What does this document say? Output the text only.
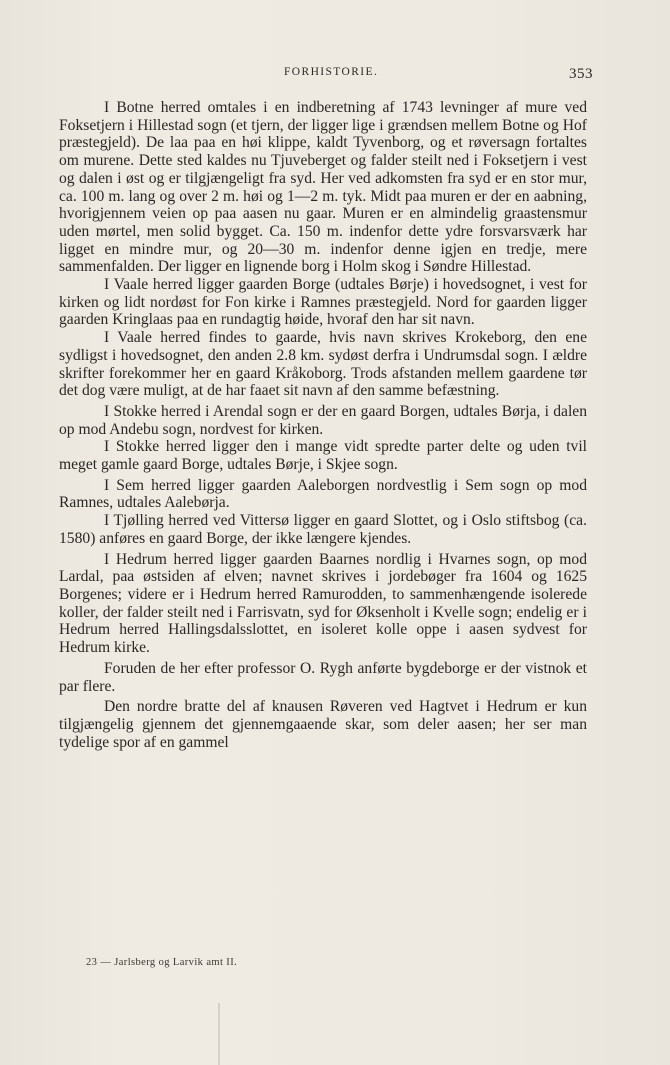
FORHISTORIE.	353

I Botne herred omtales i en indberetning af 1743 levninger af mure ved Foksetjern i Hillestad sogn (et tjern, der ligger lige i grændsen mellem Botne og Hof præstegjeld). De laa paa en høi klippe, kaldt Tyvenborg, og et røversagn fortaltes om murene. Dette sted kaldes nu Tjuveberget og falder steilt ned i Foksetjern i vest og dalen i øst og er tilgjængeligt fra syd. Her ved adkomsten fra syd er en stor mur, ca. 100 m. lang og over 2 m. høi og 1—2 m. tyk. Midt paa muren er der en aabning, hvorigjennem veien op paa aasen nu gaar. Muren er en almindelig graastensmur uden mørtel, men solid bygget. Ca. 150 m. indenfor dette ydre forsvarsværk har ligget en mindre mur, og 20—30 m. indenfor denne igjen en tredje, mere sammenfalden. Der ligger en lignende borg i Holm skog i Søndre Hillestad.

I Vaale herred ligger gaarden Borge (udtales Børje) i hovedsognet, i vest for kirken og lidt nordøst for Fon kirke i Ramnes præstegjeld. Nord for gaarden ligger gaarden Kringlaas paa en rundagtig høide, hvoraf den har sit navn.

I Vaale herred findes to gaarde, hvis navn skrives Krokeborg, den ene sydligst i hovedsognet, den anden 2.8 km. sydøst derfra i Undrumsdal sogn. I ældre skrifter forekommer her en gaard Kråkoborg. Trods afstanden mellem gaardene tør det dog være muligt, at de har faaet sit navn af den samme befæstning.

I Stokke herred i Arendal sogn er der en gaard Borgen, udtales Børja, i dalen op mod Andebu sogn, nordvest for kirken.

I Stokke herred ligger den i mange vidt spredte parter delte og uden tvil meget gamle gaard Borge, udtales Børje, i Skjee sogn.

I Sem herred ligger gaarden Aaleborgen nordvestlig i Sem sogn op mod Ramnes, udtales Aalebørja.

I Tjølling herred ved Vittersø ligger en gaard Slottet, og i Oslo stiftsbog (ca. 1580) anføres en gaard Borge, der ikke længere kjendes.

I Hedrum herred ligger gaarden Baarnes nordlig i Hvarnes sogn, op mod Lardal, paa østsiden af elven; navnet skrives i jordebøger fra 1604 og 1625 Borgenes; videre er i Hedrum herred Ramurodden, to sammenhængende isolerede koller, der falder steilt ned i Farrisvatn, syd for Øksenholt i Kvelle sogn; endelig er i Hedrum herred Hallingsdalsslottet, en isoleret kolle oppe i aasen sydvest for Hedrum kirke.

Foruden de her efter professor O. Rygh anførte bygdeborge er der vistnok et par flere.

Den nordre bratte del af knausen Røveren ved Hagtvet i Hedrum er kun tilgjængelig gjennem det gjennemgaaende skar, som deler aasen; her ser man tydelige spor af en gammel

23 — Jarlsberg og Larvik amt II.
